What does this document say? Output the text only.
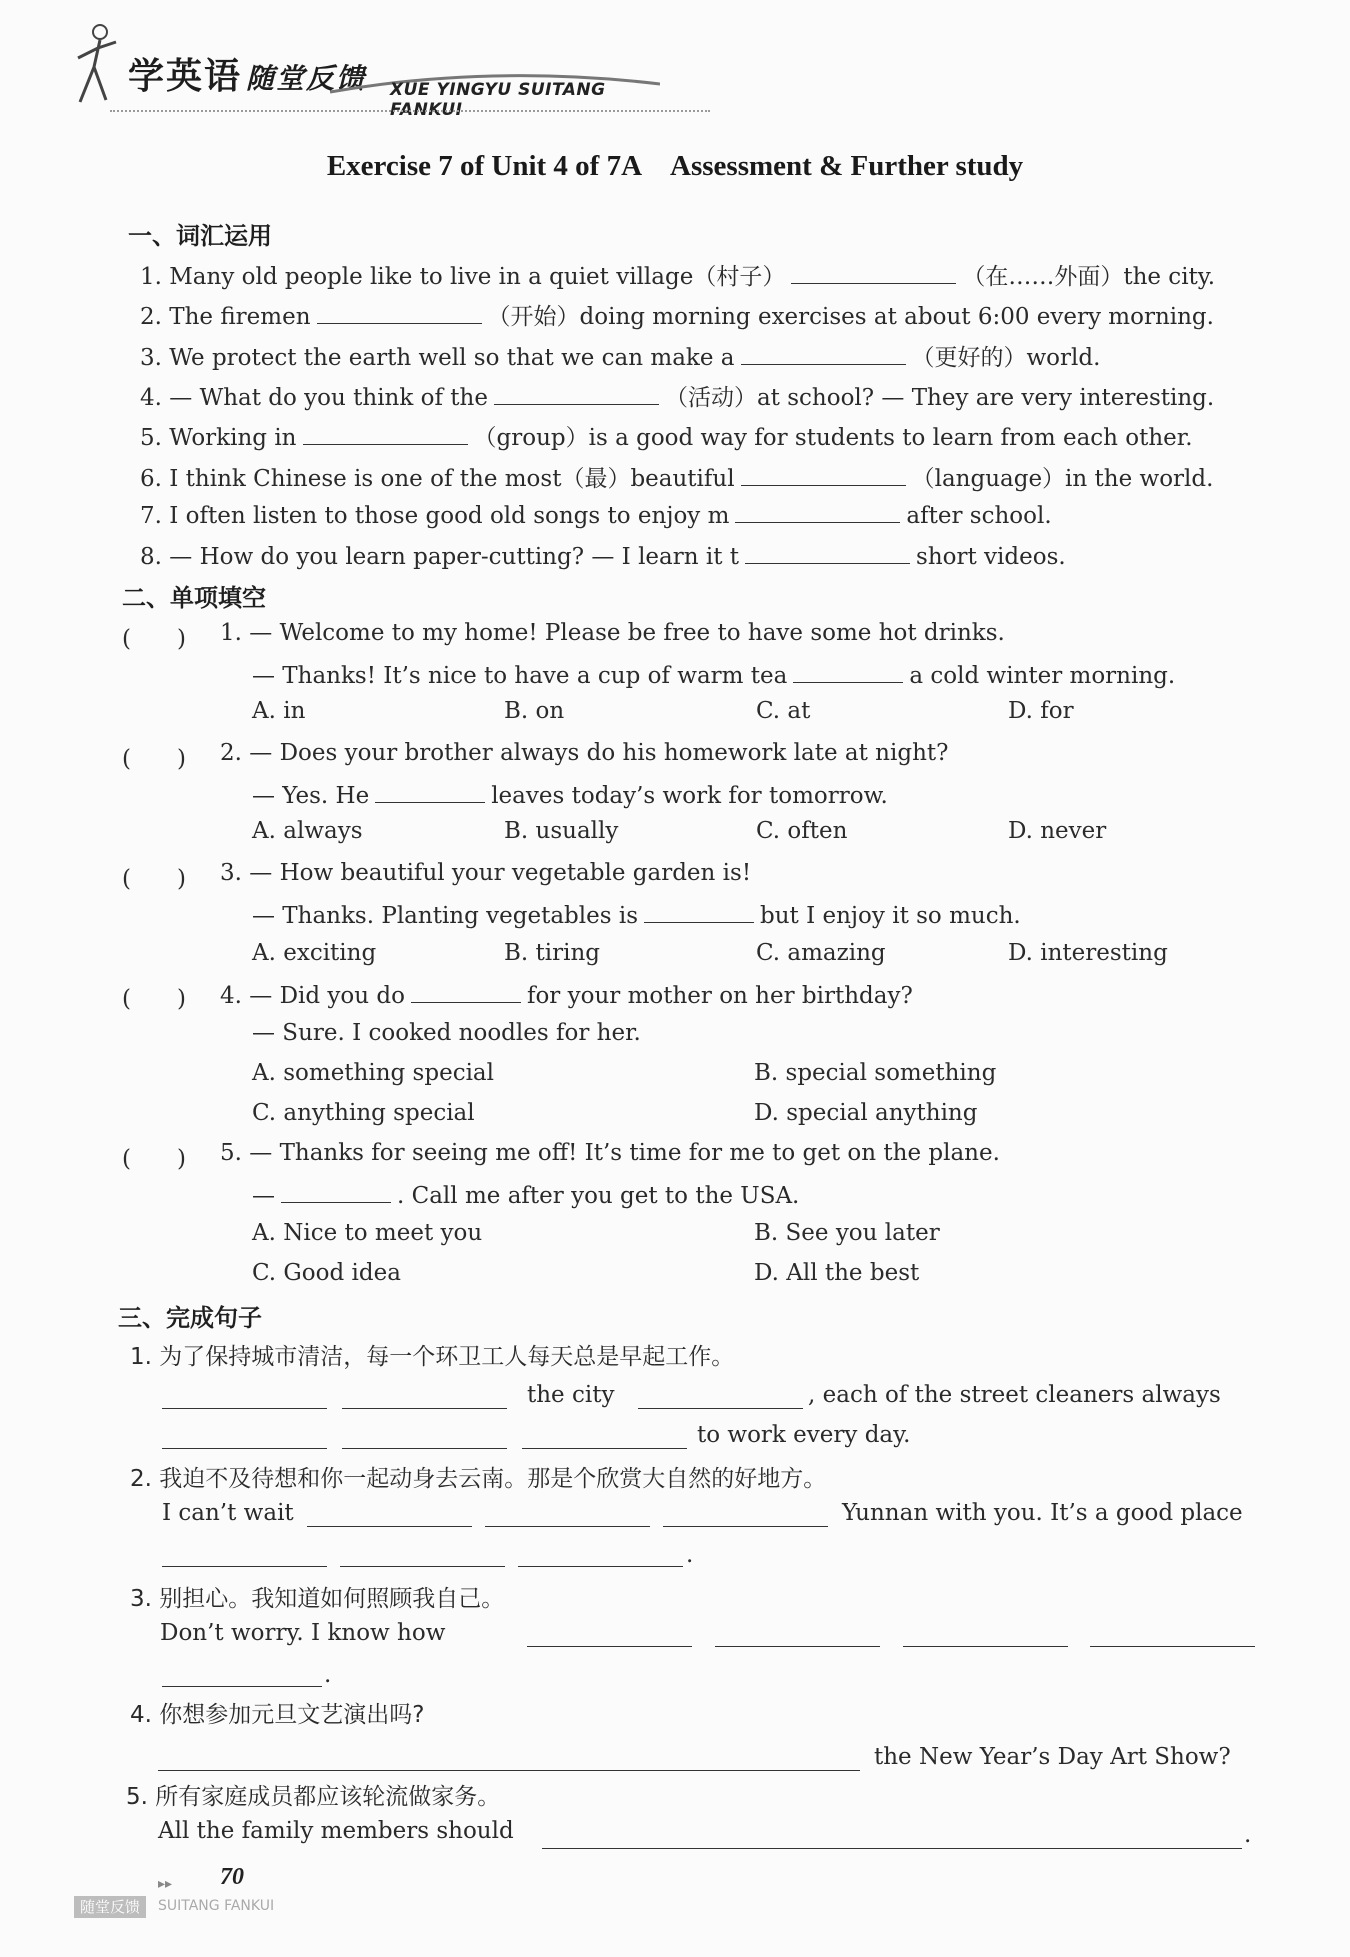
学英语 随堂反馈 XUE YINGYU SUITANG FANKUI
Exercise 7 of Unit 4 of 7A Assessment & Further study
一、词汇运用
1. Many old people like to live in a quiet village（村子）	（在……外面）the city.
2. The firemen	（开始）doing morning exercises at about 6:00 every morning.
3. We protect the earth well so that we can make a	（更好的）world.
4. — What do you think of the	（活动）at school? — They are very interesting.
5. Working in	（group）is a good way for students to learn from each other.
6. I think Chinese is one of the most（最）beautiful	（language）in the world.
7. I often listen to those good old songs to enjoy m	after school.
8. — How do you learn paper-cutting? — I learn it t	short videos.
二、单项填空
(　　) 1. — Welcome to my home! Please be free to have some hot drinks.
— Thanks! It’s nice to have a cup of warm tea	a cold winter morning.
A. in	B. on	C. at	D. for
(　　) 2. — Does your brother always do his homework late at night?
— Yes. He	leaves today’s work for tomorrow.
A. always	B. usually	C. often	D. never
(　　) 3. — How beautiful your vegetable garden is!
— Thanks. Planting vegetables is	but I enjoy it so much.
A. exciting	B. tiring	C. amazing	D. interesting
(　　) 4. — Did you do	for your mother on her birthday?
— Sure. I cooked noodles for her.
A. something special	B. special something
C. anything special	D. special anything
(　　) 5. — Thanks for seeing me off! It’s time for me to get on the plane.
—	. Call me after you get to the USA.
A. Nice to meet you	B. See you later
C. Good idea	D. All the best
三、完成句子
1. 为了保持城市清洁，每一个环卫工人每天总是早起工作。
the city	, each of the street cleaners always
to work every day.
2. 我迫不及待想和你一起动身去云南。那是个欣赏大自然的好地方。
I can’t wait	Yunnan with you. It’s a good place
.
3. 别担心。我知道如何照顾我自己。
Don’t worry. I know how
.
4. 你想参加元旦文艺演出吗?
the New Year’s Day Art Show?
5. 所有家庭成员都应该轮流做家务。
All the family members should	.
▸▸ 70
随堂反馈	SUITANG FANKUI
